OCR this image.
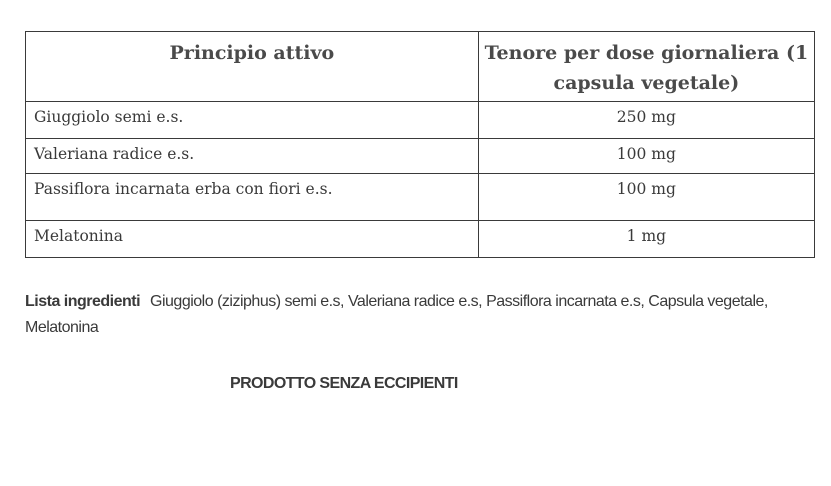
Principio attivo	Tenore per dose giornaliera (1 capsula vegetale)
Giuggiolo semi e.s.	250 mg
Valeriana radice e.s.	100 mg
Passiflora incarnata erba con fiori e.s.	100 mg
Melatonina	1 mg
Lista ingredienti Giuggiolo (ziziphus) semi e.s, Valeriana radice e.s, Passiflora incarnata e.s, Capsula vegetale, Melatonina
PRODOTTO SENZA ECCIPIENTI
